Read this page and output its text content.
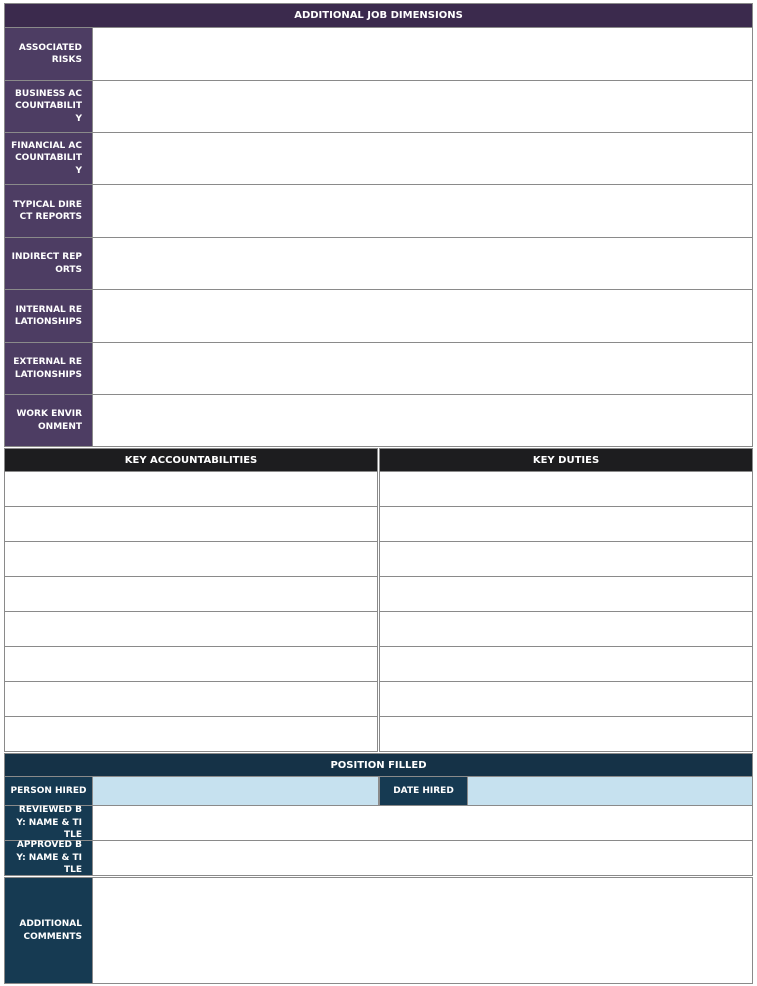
ADDITIONAL JOB DIMENSIONS
ASSOCIATED RISKS
BUSINESS ACCOUNTABILITY
FINANCIAL ACCOUNTABILITY
TYPICAL DIRECT REPORTS
INDIRECT REPORTS
INTERNAL RELATIONSHIPS
EXTERNAL RELATIONSHIPS
WORK ENVIRONMENT
KEY ACCOUNTABILITIES	KEY DUTIES
POSITION FILLED
PERSON HIRED	DATE HIRED
REVIEWED BY: NAME & TITLE
APPROVED BY: NAME & TITLE
ADDITIONAL COMMENTS
